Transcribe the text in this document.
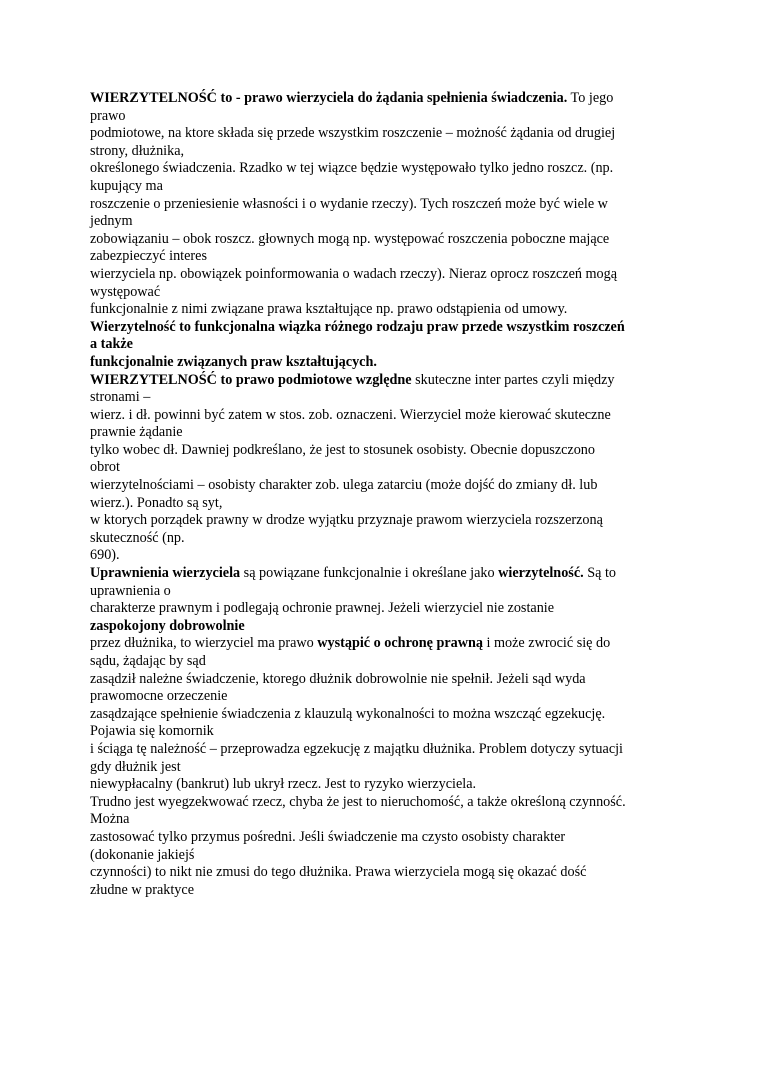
WIERZYTELNOŚĆ to - prawo wierzyciela do żądania spełnienia świadczenia. To jego
prawo
podmiotowe, na ktore składa się przede wszystkim roszczenie – możność żądania od drugiej
strony, dłużnika,
określonego świadczenia. Rzadko w tej wiązce będzie występowało tylko jedno roszcz. (np.
kupujący ma
roszczenie o przeniesienie własności i o wydanie rzeczy). Tych roszczeń może być wiele w
jednym
zobowiązaniu – obok roszcz. głownych mogą np. występować roszczenia poboczne mające
zabezpieczyć interes
wierzyciela np. obowiązek poinformowania o wadach rzeczy). Nieraz oprocz roszczeń mogą
występować
funkcjonalnie z nimi związane prawa kształtujące np. prawo odstąpienia od umowy.
Wierzytelność to funkcjonalna wiązka różnego rodzaju praw przede wszystkim roszczeń
a także
funkcjonalnie związanych praw kształtujących.
WIERZYTELNOŚĆ to prawo podmiotowe względne skuteczne inter partes czyli między
stronami –
wierz. i dł. powinni być zatem w stos. zob. oznaczeni. Wierzyciel może kierować skuteczne
prawnie żądanie
tylko wobec dł. Dawniej podkreślano, że jest to stosunek osobisty. Obecnie dopuszczono
obrot
wierzytelnościami – osobisty charakter zob. ulega zatarciu (może dojść do zmiany dł. lub
wierz.). Ponadto są syt,
w ktorych porządek prawny w drodze wyjątku przyznaje prawom wierzyciela rozszerzoną
skuteczność (np.
690).
Uprawnienia wierzyciela są powiązane funkcjonalnie i określane jako wierzytelność. Są to
uprawnienia o
charakterze prawnym i podlegają ochronie prawnej. Jeżeli wierzyciel nie zostanie
zaspokojony dobrowolnie
przez dłużnika, to wierzyciel ma prawo wystąpić o ochronę prawną i może zwrocić się do
sądu, żądając by sąd
zasądził należne świadczenie, ktorego dłużnik dobrowolnie nie spełnił. Jeżeli sąd wyda
prawomocne orzeczenie
zasądzające spełnienie świadczenia z klauzulą wykonalności to można wszcząć egzekucję.
Pojawia się komornik
i ściąga tę należność – przeprowadza egzekucję z majątku dłużnika. Problem dotyczy sytuacji
gdy dłużnik jest
niewypłacalny (bankrut) lub ukrył rzecz. Jest to ryzyko wierzyciela.
Trudno jest wyegzekwować rzecz, chyba że jest to nieruchomość, a także określoną czynność.
Można
zastosować tylko przymus pośredni. Jeśli świadczenie ma czysto osobisty charakter
(dokonanie jakiejś
czynności) to nikt nie zmusi do tego dłużnika. Prawa wierzyciela mogą się okazać dość
złudne w praktyce
